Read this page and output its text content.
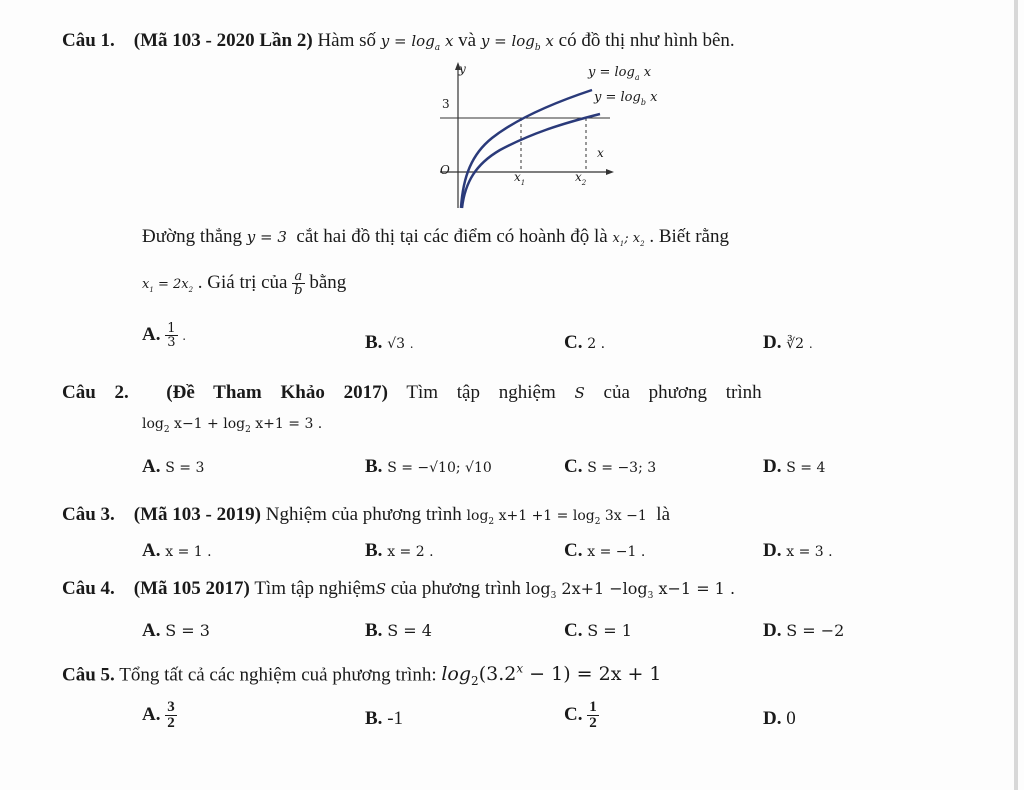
Câu 1. (Mã 103 - 2020 Lần 2) Hàm số $y = \log_a x$ và $y = \log_b x$ có đồ thị như hình bên.
y
3
O
x
$x_1$	$x_2$
$y = \log_a x$
$y = \log_b x$
Đường thẳng y = 3 cắt hai đồ thị tại các điểm có hoành độ là $x_1$; $x_2$ . Biết rằng
$x_1 = 2x_2$ . Giá trị của $\frac{a}{b}$ bằng
A. $\frac{1}{3}$ .	B. √3 .	C. 2 .	D. ∛2 .
Câu 2. (Đề Tham Khảo 2017) Tìm tập nghiệm S của phương trình
$\log_2 x-1 + \log_2 x+1 = 3$ .
A. S = 3	B. S = −√10; √10	C. S = −3; 3	D. S = 4
Câu 3. (Mã 103 - 2019) Nghiệm của phương trình $\log_2 x+1 +1 = \log_2 3x -1$ là
A. x = 1 .	B. x = 2 .	C. x = −1 .	D. x = 3 .
Câu 4. (Mã 105 2017) Tìm tập nghiệmS của phương trình $\log_3 2x+1 -\log_3$ x−1 = 1 .
A. S = 3	B. S = 4	C. S = 1	D. S = −2
Câu 5. Tổng tất cả các nghiệm cuả phương trình: $\log_2(3.2^x - 1) = 2x + 1$
A. $\frac{3}{2}$	B. -1	C. $\frac{1}{2}$	D. 0
